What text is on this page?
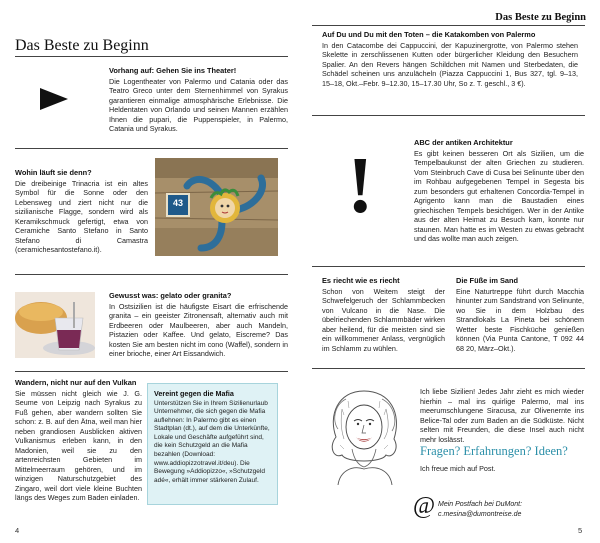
Das Beste zu Beginn
Das Beste zu Beginn
Vorhang auf: Gehen Sie ins Theater!
Die Logentheater von Palermo und Catania oder das Teatro Greco unter dem Sternenhimmel von Syrakus garantieren einmalige atmosphärische Erlebnisse. Die Heldentaten von Orlando und seinen Mannen erzählen Ihnen die pupari, die Puppenspieler, in Palermo, Catania und Syrakus.
Wohin läuft sie denn?
Die dreibeinige Trinacria ist ein altes Symbol für die Sonne oder den Lebensweg und ziert nicht nur die sizilianische Flagge, sondern wird als Keramikschmuck gefertigt, etwa von Ceramiche Santo Stefano in Santo Stefano di Camastra (ceramichesantostefano.it).
43
Gewusst was: gelato oder granita?
In Ostsizilien ist die häufigste Eisart die erfrischende granita – ein geeister Zitronensaft, alternativ auch mit Erdbeeren oder Maulbeeren, aber auch Mandeln, Pistazien oder Kaffee. Und gelato, Eiscreme? Das kosten Sie am besten nicht im cono (Waffel), sondern in einer brioche, einer Art Eissandwich.
Wandern, nicht nur auf den Vulkan
Sie müssen nicht gleich wie J. G. Seume von Leipzig nach Syrakus zu Fuß gehen, aber wandern sollten Sie schon: z. B. auf den Ätna, weil man hier neben grandiosen Ausblicken aktiven Vulkanismus erleben kann, in den Madonien, weil sie zu den artenreichsten Gebieten im Mittelmeerraum gehören, und im winzigen Naturschutzgebiet des Zingaro, weil dort viele kleine Buchten längs des Weges zum Baden einladen.
Vereint gegen die Mafia
Unterstützen Sie in Ihrem Sizilienurlaub Unternehmer, die sich gegen die Mafia auflehnen: In Palermo gibt es einen Stadtplan (dt.), auf dem die Unterkünfte, Lokale und Geschäfte aufgeführt sind, die kein Schutzgeld an die Mafia bezahlen (Download: www.addiopizzotravel.it/deu). Die Bewegung »Addiopizzo«, »Schutzgeld adé«, erhält immer stärkeren Zulauf.
4
Auf Du und Du mit den Toten – die Katakomben von Palermo
In den Catacombe dei Cappuccini, der Kapuzinergrotte, von Palermo stehen Skelette in zerschlissenen Kutten oder bürgerlicher Kleidung den Besuchern Spalier. An den Revers hängen Schildchen mit Namen und Sterbedaten, die Schädel scheinen uns anzulächeln (Piazza Cappuccini 1, Bus 327, tgl. 9–13, 15–18, Okt.–Febr. 9–12.30, 15–17.30 Uhr, So z. T. geschl., 3 €).
!	ABC der antiken Architektur
Es gibt keinen besseren Ort als Sizilien, um die Tempelbaukunst der alten Griechen zu studieren. Vom Steinbruch Cave di Cusa bei Selinunte über den im Rohbau aufgegebenen Tempel in Segesta bis zum besonders gut erhaltenen Concordia-Tempel in Agrigento kann man die Baustadien eines griechischen Tempels besichtigen. Wer in der Antike aus der alten Heimat zu Besuch kam, konnte nur staunen. Man hatte es im Westen zu etwas gebracht und das wollte man auch zeigen.
Es riecht wie es riecht
Schon von Weitem steigt der Schwefelgeruch der Schlammbecken von Vulcano in die Nase. Die übelriechenden Schlammbäder wirken aber heilend, für die meisten sind sie ein willkommener Anlass, vergnüglich im Schlamm zu wühlen.
Die Füße im Sand
Eine Naturtreppe führt durch Macchia hinunter zum Sandstrand von Selinunte, wo Sie in dem Holzbau des Strandlokals La Pineta bei schönem Wetter beste Fischküche genießen können (Via Punta Cantone, T 092 44 68 20, März–Okt.).
Ich liebe Sizilien! Jedes Jahr zieht es mich wieder hierhin – mal ins quirlige Palermo, mal ins meerumschlungene Siracusa, zur Olivenernte ins Belice-Tal oder zum Baden an die Südküste. Nicht selten mit Freunden, die diese Insel auch nicht mehr loslässt.
Fragen? Erfahrungen? Ideen?
Ich freue mich auf Post.
@ Mein Postfach bei DuMont:
c.mesina@dumontreise.de
5
